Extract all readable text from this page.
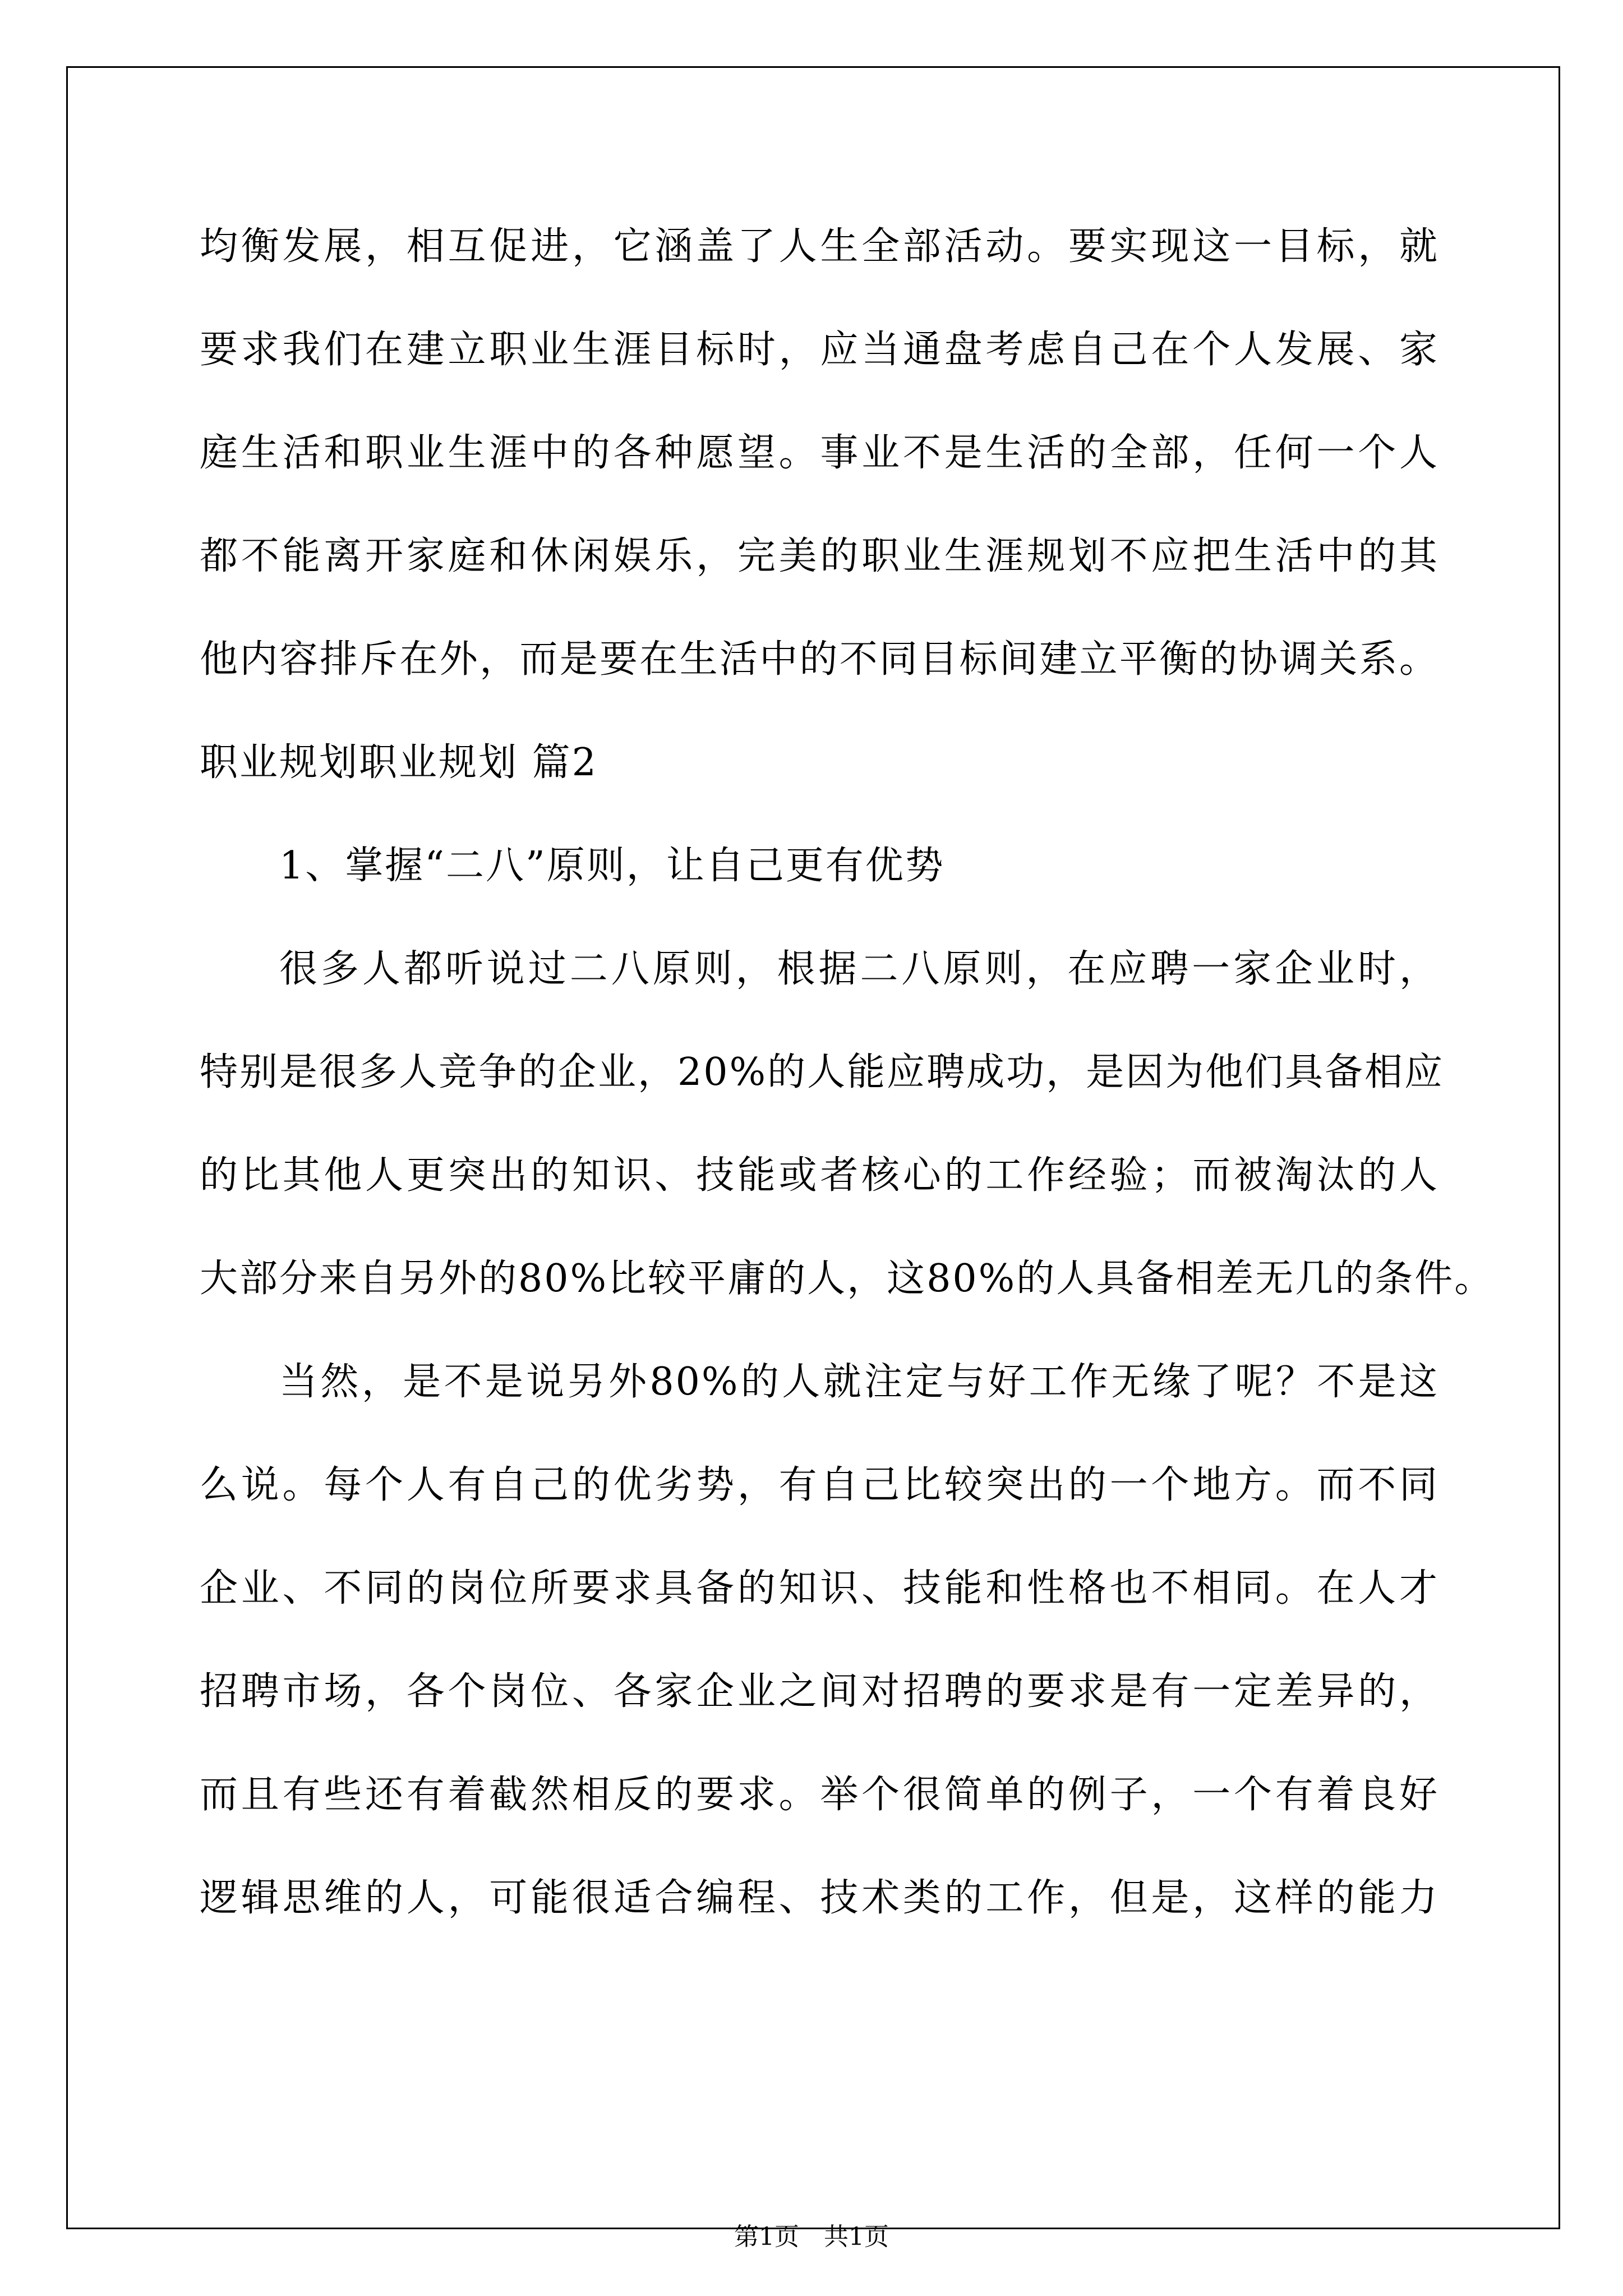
均衡发展，相互促进，它涵盖了人生全部活动。要实现这一目标，就
要求我们在建立职业生涯目标时，应当通盘考虑自己在个人发展、家
庭生活和职业生涯中的各种愿望。事业不是生活的全部，任何一个人
都不能离开家庭和休闲娱乐，完美的职业生涯规划不应把生活中的其
他内容排斥在外，而是要在生活中的不同目标间建立平衡的协调关系。
职业规划职业规划 篇2
1、掌握“二八”原则，让自己更有优势
很多人都听说过二八原则，根据二八原则，在应聘一家企业时，
特别是很多人竞争的企业，20%的人能应聘成功，是因为他们具备相应
的比其他人更突出的知识、技能或者核心的工作经验；而被淘汰的人
大部分来自另外的80%比较平庸的人，这80%的人具备相差无几的条件。
当然，是不是说另外80%的人就注定与好工作无缘了呢？不是这
么说。每个人有自己的优劣势，有自己比较突出的一个地方。而不同
企业、不同的岗位所要求具备的知识、技能和性格也不相同。在人才
招聘市场，各个岗位、各家企业之间对招聘的要求是有一定差异的，
而且有些还有着截然相反的要求。举个很简单的例子，一个有着良好
逻辑思维的人，可能很适合编程、技术类的工作，但是，这样的能力
第1页　共1页
